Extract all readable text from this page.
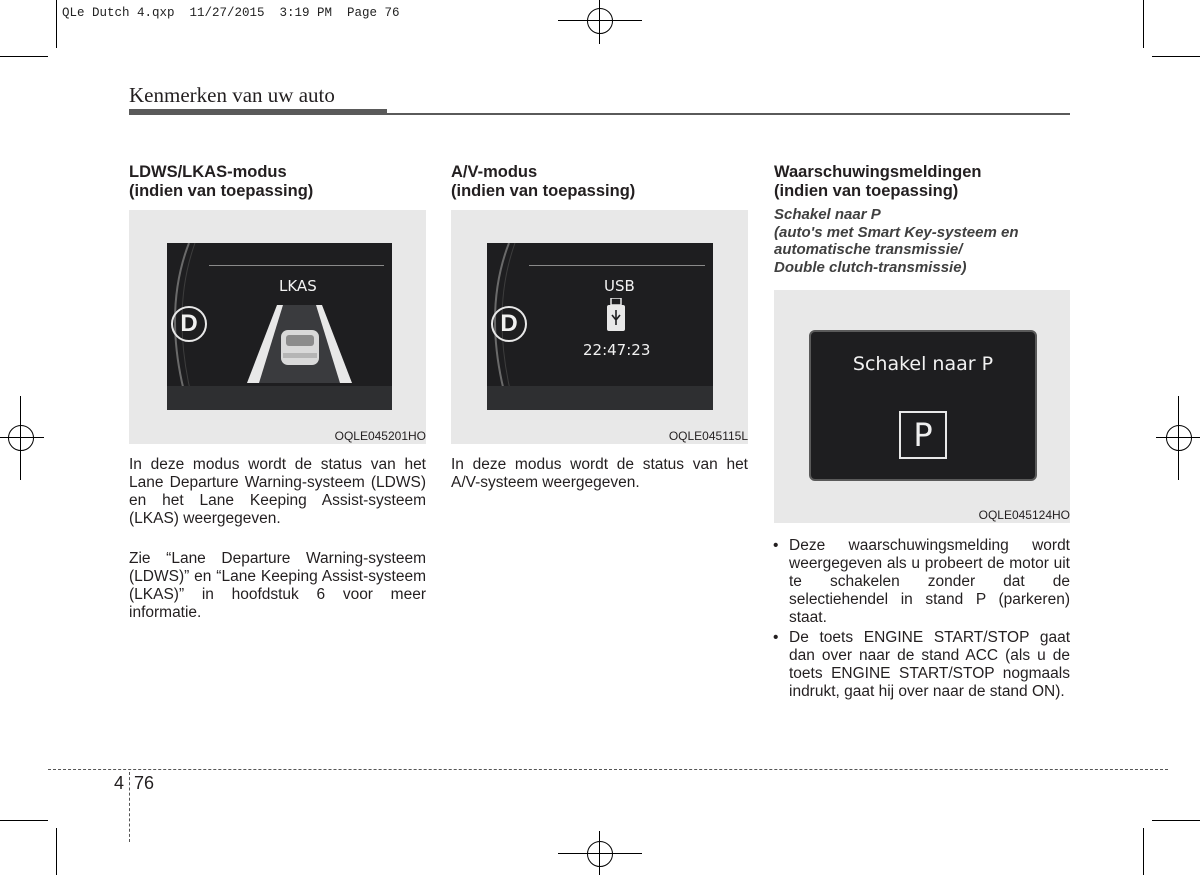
QLe Dutch 4.qxp  11/27/2015  3:19 PM  Page 76
Kenmerken van uw auto
LDWS/LKAS-modus
(indien van toepassing)
D
LKAS
OQLE045201HO
In deze modus wordt de status van het Lane Departure Warning-systeem (LDWS) en het Lane Keeping Assist-systeem (LKAS) weergegeven.
Zie “Lane Departure Warning-systeem (LDWS)” en “Lane Keeping Assist-systeem (LKAS)” in hoofdstuk 6 voor meer informatie.
A/V-modus
(indien van toepassing)
D
USB
22:47:23
OQLE045115L
In deze modus wordt de status van het A/V-systeem weergegeven.
Waarschuwingsmeldingen
(indien van toepassing)
Schakel naar P
(auto's met Smart Key-systeem en
automatische transmissie/
Double clutch-transmissie)
Schakel naar P
P
OQLE045124HO
• Deze waarschuwingsmelding wordt weergegeven als u probeert de motor uit te schakelen zonder dat de selectiehendel in stand P (parkeren) staat.
• De toets ENGINE START/STOP gaat dan over naar de stand ACC (als u de toets ENGINE START/STOP nogmaals indrukt, gaat hij over naar de stand ON).
4 76
